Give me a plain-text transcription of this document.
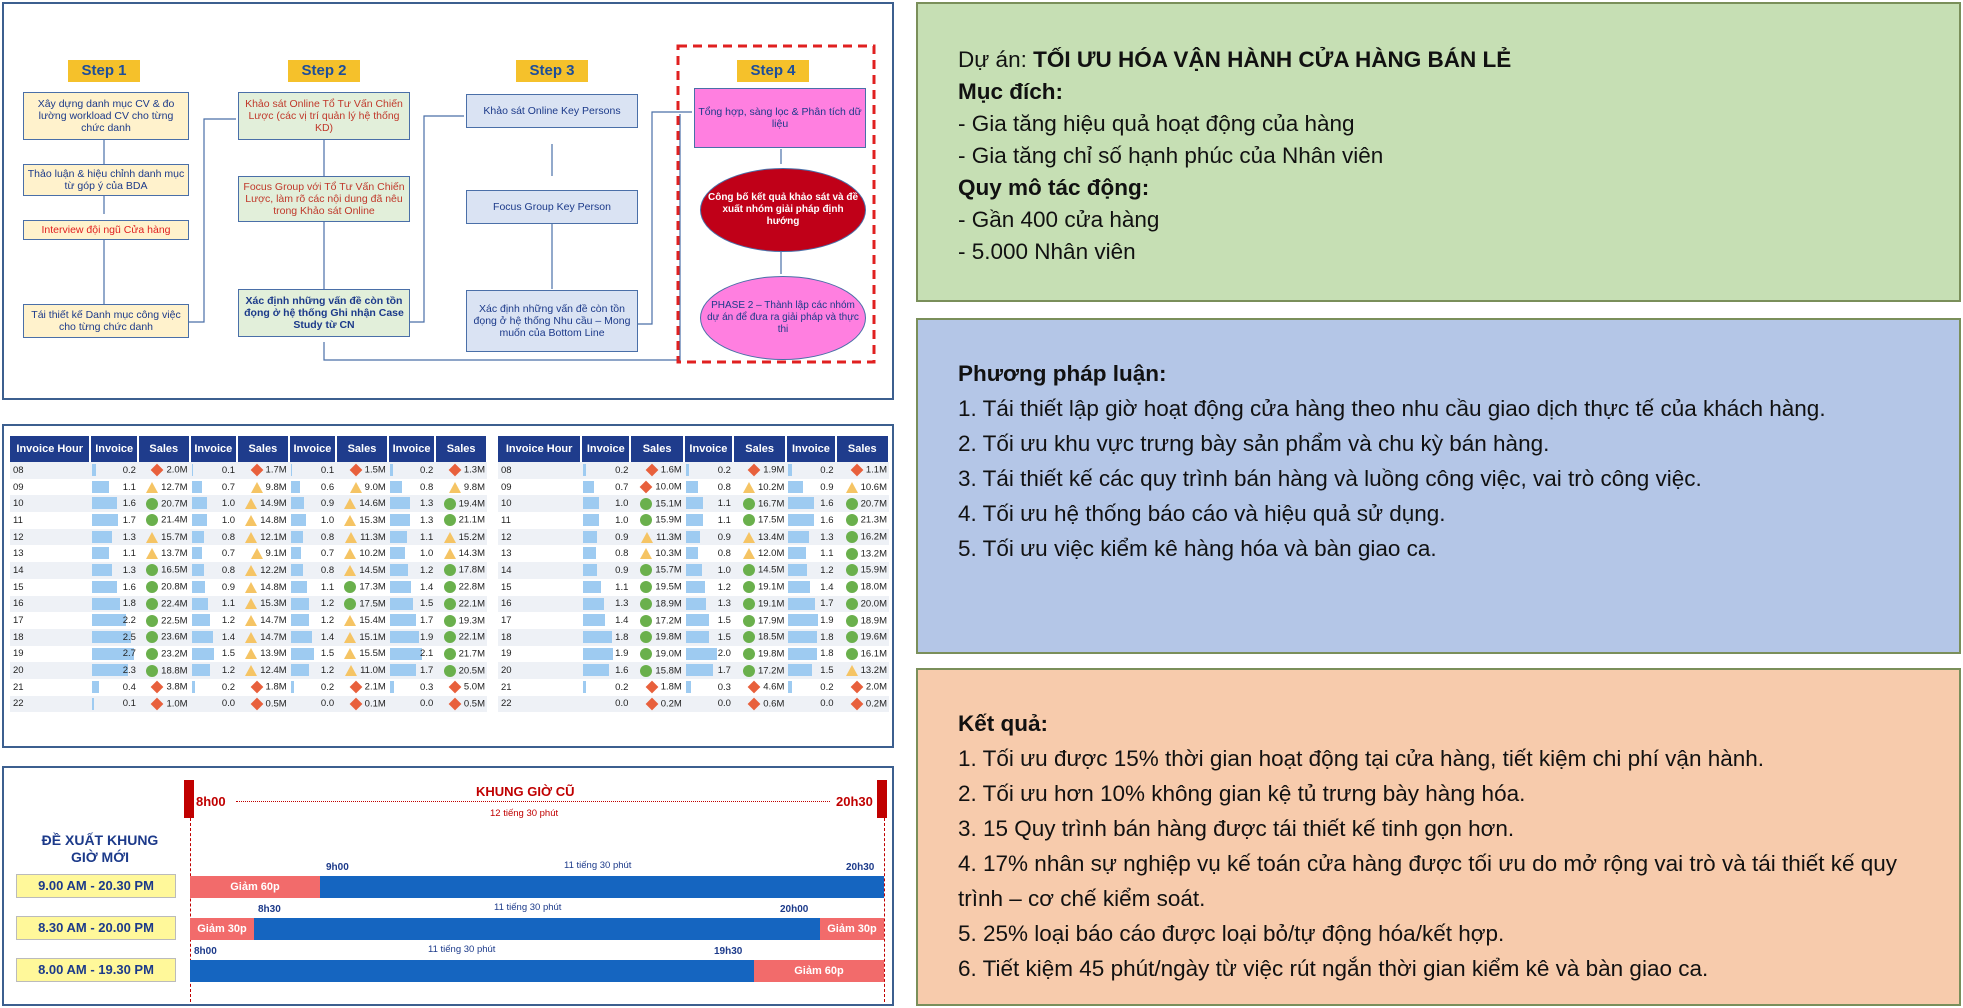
Step 1	Step 2	Step 3	Step 4
Xây dựng danh mục CV & đo lường workload CV cho từng chức danh
Thảo luận & hiệu chỉnh danh mục từ góp ý của BDA
Interview đội ngũ Cửa hàng
Tái thiết kế Danh mục công việc cho từng chức danh
Khảo sát Online Tổ Tư Vấn Chiến Lược (các vị trí quản lý hệ thống KD)
Focus Group với Tổ Tư Vấn Chiến Lược, làm rõ các nội dung đã nêu trong Khảo sát Online
Xác định những vấn đề còn tồn đọng ở hệ thống Ghi nhận Case Study từ CN
Khảo sát Online Key Persons
Focus Group Key Person
Xác định những vấn đề còn tồn đọng ở hệ thống Nhu cầu – Mong muốn của Bottom Line
Tổng hợp, sàng lọc & Phân tích dữ liệu
Công bố kết quả khảo sát và đề xuất nhóm giải pháp định hướng
PHASE 2 – Thành lập các nhóm dự án để đưa ra giải pháp và thực thi
Invoice Hour	Invoice	Sales	Invoice	Sales	Invoice	Sales	Invoice	Sales
08	0.2	2.0M	0.1	1.7M	0.1	1.5M	0.2	1.3M
09	1.1	12.7M	0.7	9.8M	0.6	9.0M	0.8	9.8M
10	1.6	20.7M	1.0	14.9M	0.9	14.6M	1.3	19.4M
11	1.7	21.4M	1.0	14.8M	1.0	15.3M	1.3	21.1M
12	1.3	15.7M	0.8	12.1M	0.8	11.3M	1.1	15.2M
13	1.1	13.7M	0.7	9.1M	0.7	10.2M	1.0	14.3M
14	1.3	16.5M	0.8	12.2M	0.8	14.5M	1.2	17.8M
15	1.6	20.8M	0.9	14.8M	1.1	17.3M	1.4	22.8M
16	1.8	22.4M	1.1	15.3M	1.2	17.5M	1.5	22.1M
17	2.2	22.5M	1.2	14.7M	1.2	15.4M	1.7	19.3M
18	2.5	23.6M	1.4	14.7M	1.4	15.1M	1.9	22.1M
19	2.7	23.2M	1.5	13.9M	1.5	15.5M	2.1	21.7M
20	2.3	18.8M	1.2	12.4M	1.2	11.0M	1.7	20.5M
21	0.4	3.8M	0.2	1.8M	0.2	2.1M	0.3	5.0M
22	0.1	1.0M	0.0	0.5M	0.0	0.1M	0.0	0.5M
Invoice Hour	Invoice	Sales	Invoice	Sales	Invoice	Sales
08	0.2	1.6M	0.2	1.9M	0.2	1.1M
09	0.7	10.0M	0.8	10.2M	0.9	10.6M
10	1.0	15.1M	1.1	16.7M	1.6	20.7M
11	1.0	15.9M	1.1	17.5M	1.6	21.3M
12	0.9	11.3M	0.9	13.4M	1.3	16.2M
13	0.8	10.3M	0.8	12.0M	1.1	13.2M
14	0.9	15.7M	1.0	14.5M	1.2	15.9M
15	1.1	19.5M	1.2	19.1M	1.4	18.0M
16	1.3	18.9M	1.3	19.1M	1.7	20.0M
17	1.4	17.2M	1.5	17.9M	1.9	18.9M
18	1.8	19.8M	1.5	18.5M	1.8	19.6M
19	1.9	19.0M	2.0	19.8M	1.8	16.1M
20	1.6	15.8M	1.7	17.2M	1.5	13.2M
21	0.2	1.8M	0.3	4.6M	0.2	2.0M
22	0.0	0.2M	0.0	0.6M	0.0	0.2M
8h00	20h30
KHUNG GIỜ CŨ
12 tiếng 30 phút
ĐỀ XUẤT KHUNG GIỜ MỚI
9.00 AM - 20.30 PM	Giảm 60p
9h00	20h30
11 tiếng 30 phút
8.30 AM - 20.00 PM	Giảm 30p	Giảm 30p
8h30	20h00
11 tiếng 30 phút
8.00 AM - 19.30 PM	Giảm 60p
8h00	19h30
11 tiếng 30 phút
Dự án: TỐI ƯU HÓA VẬN HÀNH CỬA HÀNG BÁN LẺ
Mục đích:
- Gia tăng hiệu quả hoạt động của hàng
- Gia tăng chỉ số hạnh phúc của Nhân viên
Quy mô tác động:
- Gần 400 cửa hàng
- 5.000 Nhân viên
Phương pháp luận:
1. Tái thiết lập giờ hoạt động cửa hàng theo nhu cầu giao dịch thực tế của khách hàng.
2. Tối ưu khu vực trưng bày sản phẩm và chu kỳ bán hàng.
3. Tái thiết kế các quy trình bán hàng và luồng công việc, vai trò công việc.
4. Tối ưu hệ thống báo cáo và hiệu quả sử dụng.
5. Tối ưu việc kiểm kê hàng hóa và bàn giao ca.
Kết quả:
1. Tối ưu được 15% thời gian hoạt động tại cửa hàng, tiết kiệm chi phí vận hành.
2. Tối ưu hơn 10% không gian kệ tủ trưng bày hàng hóa.
3. 15 Quy trình bán hàng được tái thiết kế tinh gọn hơn.
4. 17% nhân sự nghiệp vụ kế toán cửa hàng được tối ưu do mở rộng vai trò và tái thiết kế quy trình – cơ chế kiểm soát.
5. 25% loại báo cáo được loại bỏ/tự động hóa/kết hợp.
6. Tiết kiệm 45 phút/ngày từ việc rút ngắn thời gian kiểm kê và bàn giao ca.
